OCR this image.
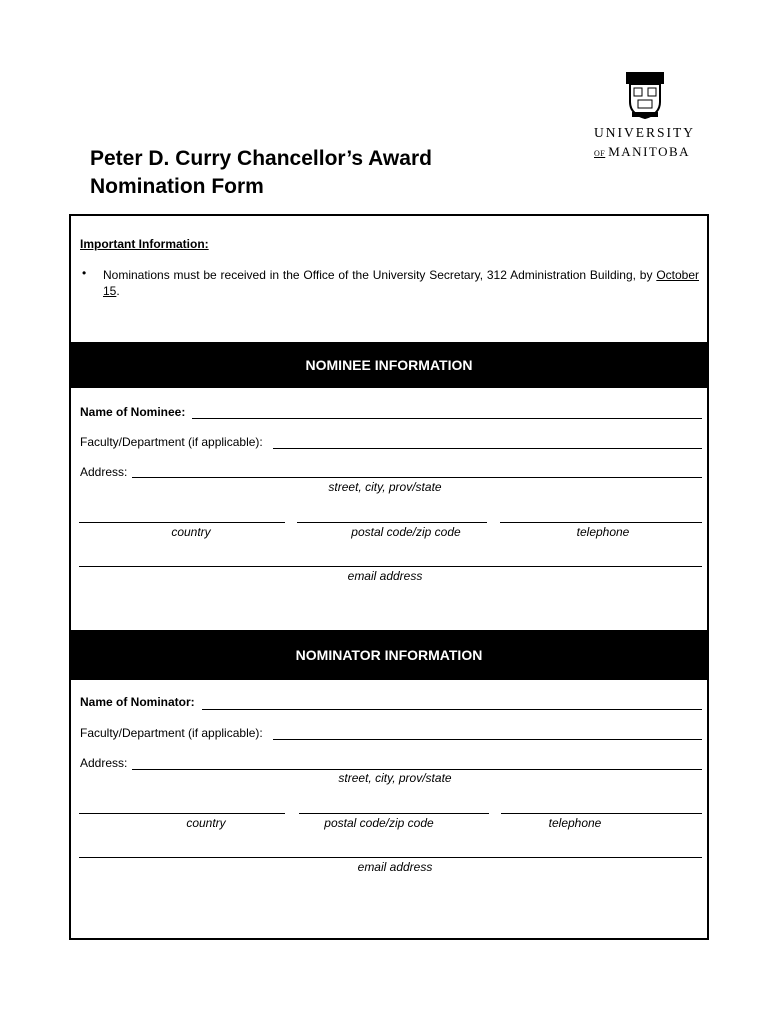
UNIVERSITY
OF MANITOBA
Peter D. Curry Chancellor’s Award
Nomination Form
Important Information:
• Nominations must be received in the Office of the University Secretary, 312 Administration Building, by October 15.
NOMINEE INFORMATION
Name of Nominee:
Faculty/Department (if applicable):
Address:
street, city, prov/state
country	postal code/zip code	telephone
email address
NOMINATOR INFORMATION
Name of Nominator:
Faculty/Department (if applicable):
Address:
street, city, prov/state
country	postal code/zip code	telephone
email address
